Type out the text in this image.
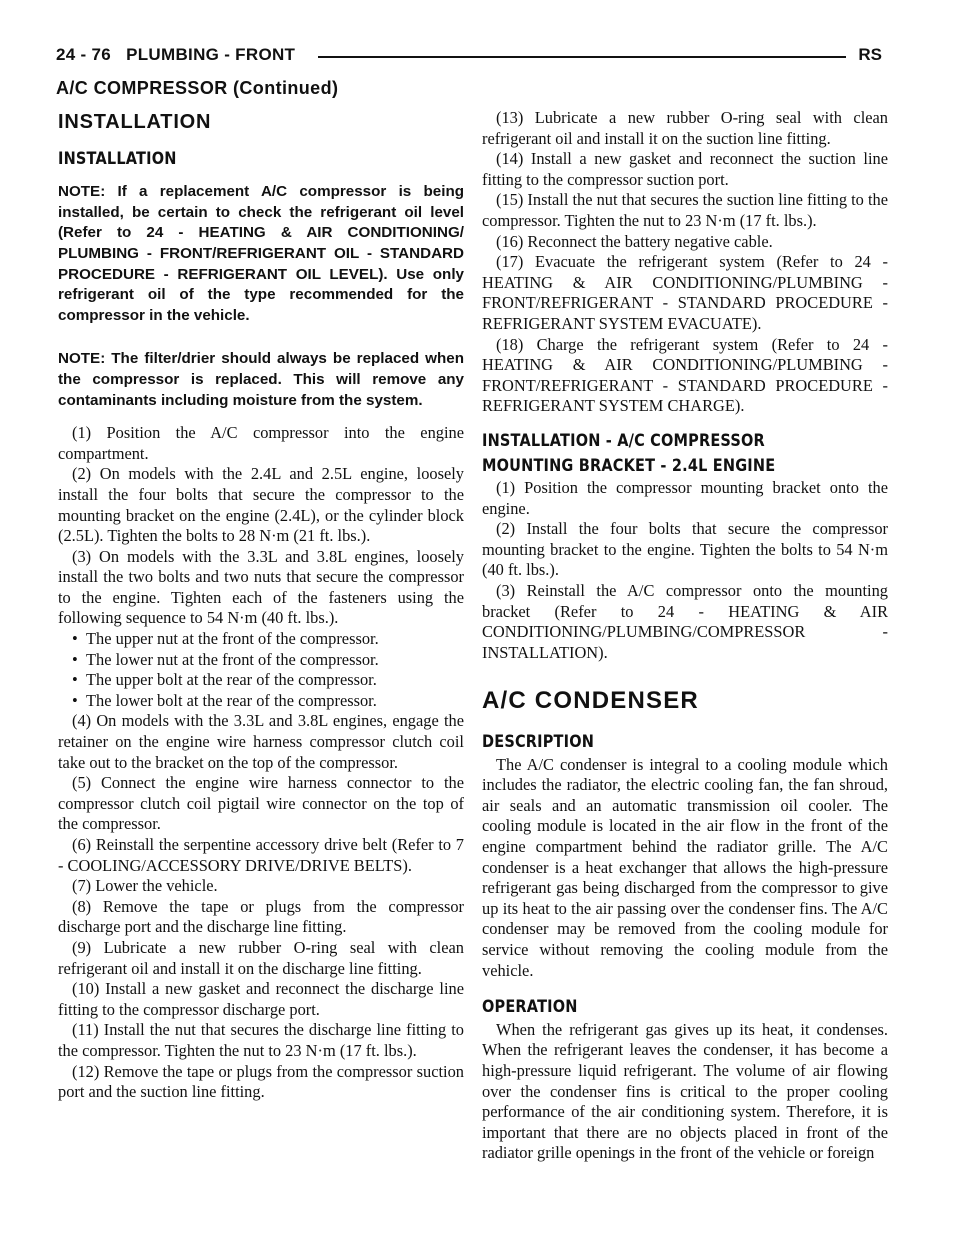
24 - 76 PLUMBING - FRONT	RS
A/C COMPRESSOR (Continued)
INSTALLATION
INSTALLATION

NOTE: If a replacement A/C compressor is being installed, be certain to check the refrigerant oil level (Refer to 24 - HEATING & AIR CONDITIONING/ PLUMBING - FRONT/REFRIGERANT OIL - STANDARD PROCEDURE - REFRIGERANT OIL LEVEL). Use only refrigerant oil of the type recommended for the compressor in the vehicle.

NOTE: The filter/drier should always be replaced when the compressor is replaced. This will remove any contaminants including moisture from the system.

(1) Position the A/C compressor into the engine compartment.

(2) On models with the 2.4L and 2.5L engine, loosely install the four bolts that secure the compressor to the mounting bracket on the engine (2.4L), or the cylinder block (2.5L). Tighten the bolts to 28 N·m (21 ft. lbs.).

(3) On models with the 3.3L and 3.8L engines, loosely install the two bolts and two nuts that secure the compressor to the engine. Tighten each of the fasteners using the following sequence to 54 N·m (40 ft. lbs.).

• The upper nut at the front of the compressor.

• The lower nut at the front of the compressor.

• The upper bolt at the rear of the compressor.

• The lower bolt at the rear of the compressor.

(4) On models with the 3.3L and 3.8L engines, engage the retainer on the engine wire harness compressor clutch coil take out to the bracket on the top of the compressor.

(5) Connect the engine wire harness connector to the compressor clutch coil pigtail wire connector on the top of the compressor.

(6) Reinstall the serpentine accessory drive belt (Refer to 7 - COOLING/ACCESSORY DRIVE/DRIVE BELTS).

(7) Lower the vehicle.

(8) Remove the tape or plugs from the compressor discharge port and the discharge line fitting.

(9) Lubricate a new rubber O-ring seal with clean refrigerant oil and install it on the discharge line fitting.

(10) Install a new gasket and reconnect the discharge line fitting to the compressor discharge port.

(11) Install the nut that secures the discharge line fitting to the compressor. Tighten the nut to 23 N·m (17 ft. lbs.).

(12) Remove the tape or plugs from the compressor suction port and the suction line fitting.

(13) Lubricate a new rubber O-ring seal with clean refrigerant oil and install it on the suction line fitting.

(14) Install a new gasket and reconnect the suction line fitting to the compressor suction port.

(15) Install the nut that secures the suction line fitting to the compressor. Tighten the nut to 23 N·m (17 ft. lbs.).

(16) Reconnect the battery negative cable.

(17) Evacuate the refrigerant system (Refer to 24 - HEATING & AIR CONDITIONING/PLUMBING - FRONT/REFRIGERANT - STANDARD PROCEDURE - REFRIGERANT SYSTEM EVACUATE).

(18) Charge the refrigerant system (Refer to 24 - HEATING & AIR CONDITIONING/PLUMBING - FRONT/REFRIGERANT - STANDARD PROCEDURE - REFRIGERANT SYSTEM CHARGE).

INSTALLATION - A/C COMPRESSOR
MOUNTING BRACKET - 2.4L ENGINE

(1) Position the compressor mounting bracket onto the engine.

(2) Install the four bolts that secure the compressor mounting bracket to the engine. Tighten the bolts to 54 N·m (40 ft. lbs.).

(3) Reinstall the A/C compressor onto the mounting bracket (Refer to 24 - HEATING & AIR CONDITIONING/PLUMBING/COMPRESSOR - INSTALLATION).

A/C CONDENSER
DESCRIPTION

The A/C condenser is integral to a cooling module which includes the radiator, the electric cooling fan, the fan shroud, air seals and an automatic transmission oil cooler. The cooling module is located in the air flow in the front of the engine compartment behind the radiator grille. The A/C condenser is a heat exchanger that allows the high-pressure refrigerant gas being discharged from the compressor to give up its heat to the air passing over the condenser fins. The A/C condenser may be removed from the cooling module for service without removing the cooling module from the vehicle.

OPERATION

When the refrigerant gas gives up its heat, it condenses. When the refrigerant leaves the condenser, it has become a high-pressure liquid refrigerant. The volume of air flowing over the condenser fins is critical to the proper cooling performance of the air conditioning system. Therefore, it is important that there are no objects placed in front of the radiator grille openings in the front of the vehicle or foreign
